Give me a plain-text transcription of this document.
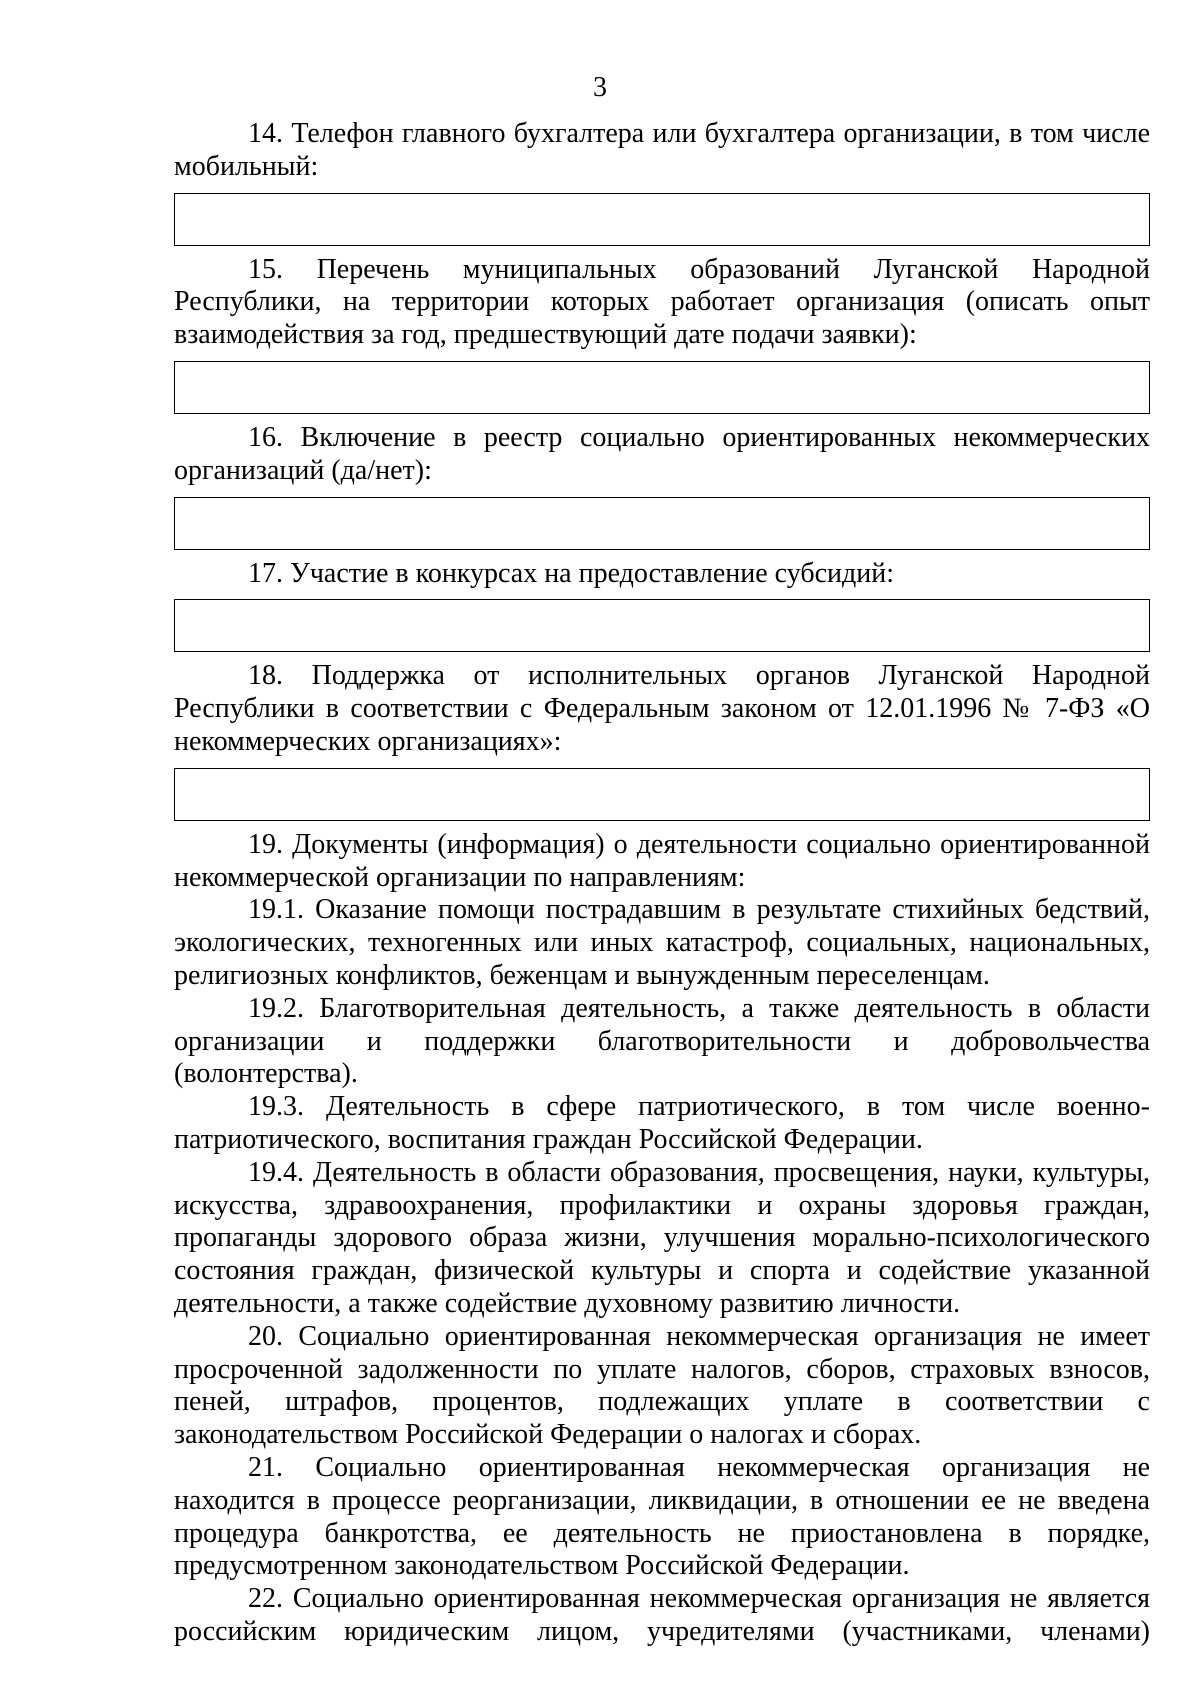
3

14. Телефон главного бухгалтера или бухгалтера организации, в том числе мобильный:

15. Перечень муниципальных образований Луганской Народной Республики, на территории которых работает организация (описать опыт взаимодействия за год, предшествующий дате подачи заявки):

16. Включение в реестр социально ориентированных некоммерческих организаций (да/нет):

17. Участие в конкурсах на предоставление субсидий:

18. Поддержка от исполнительных органов Луганской Народной Республики в соответствии с Федеральным законом от 12.01.1996 № 7-ФЗ «О некоммерческих организациях»:

19. Документы (информация) о деятельности социально ориентированной некоммерческой организации по направлениям:

19.1. Оказание помощи пострадавшим в результате стихийных бедствий, экологических, техногенных или иных катастроф, социальных, национальных, религиозных конфликтов, беженцам и вынужденным переселенцам.

19.2. Благотворительная деятельность, а также деятельность в области организации и поддержки благотворительности и добровольчества (волонтерства).

19.3. Деятельность в сфере патриотического, в том числе военно-патриотического, воспитания граждан Российской Федерации.

19.4. Деятельность в области образования, просвещения, науки, культуры, искусства, здравоохранения, профилактики и охраны здоровья граждан, пропаганды здорового образа жизни, улучшения морально-психологического состояния граждан, физической культуры и спорта и содействие указанной деятельности, а также содействие духовному развитию личности.

20. Социально ориентированная некоммерческая организация не имеет просроченной задолженности по уплате налогов, сборов, страховых взносов, пеней, штрафов, процентов, подлежащих уплате в соответствии с законодательством Российской Федерации о налогах и сборах.

21. Социально ориентированная некоммерческая организация не находится в процессе реорганизации, ликвидации, в отношении ее не введена процедура банкротства, ее деятельность не приостановлена в порядке, предусмотренном законодательством Российской Федерации.

22. Социально ориентированная некоммерческая организация не является российским юридическим лицом, учредителями (участниками, членами)
